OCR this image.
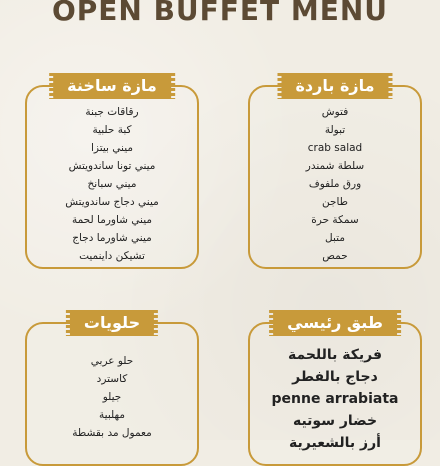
OPEN BUFFET MENU
مازة ساخنة
رقاقات جبنة
كبة حلبية
ميني بيتزا
ميني تونا ساندويتش
ميني سبانخ
ميني دجاج ساندويتش
ميني شاورما لحمة
ميني شاورما دجاج
تشيكن داينميت
مازة باردة
فتوش
تبولة
crab salad
سلطة شمندر
ورق ملفوف
طاجن
سمكة حرة
متبل
حمص
حلويات
حلو عربي
كاسترد
جيلو
مهلبية
معمول مد بقشطة
طبق رئيسي
فريكة باللحمة
دجاج بالفطر
penne arrabiata
خضار سوتيه
أرز بالشعيرية
